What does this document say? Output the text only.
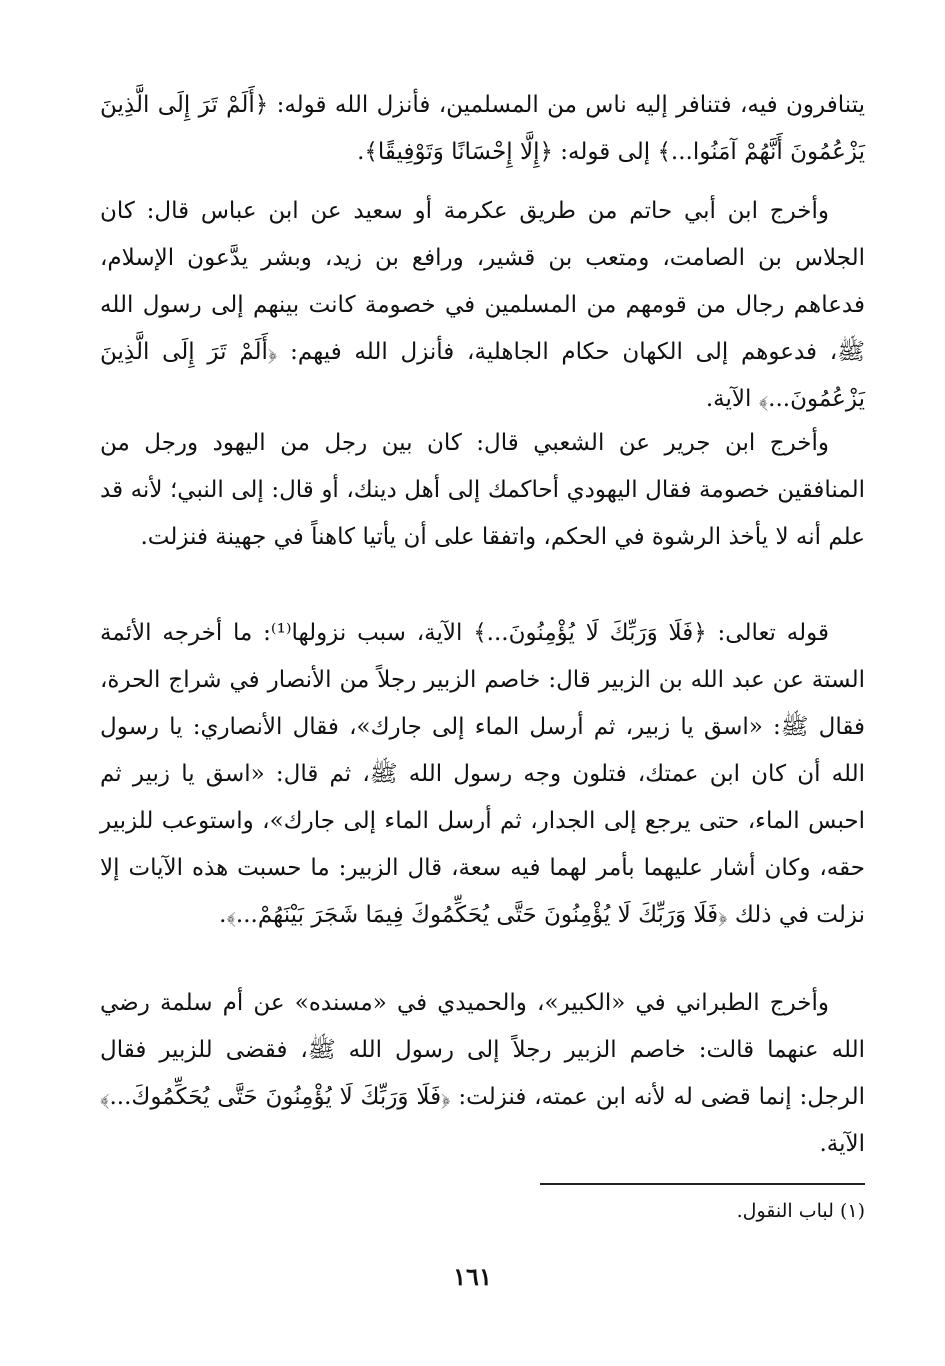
يتنافرون فيه، فتنافر إليه ناس من المسلمين، فأنزل الله قوله: ﴿أَلَمْ تَرَ إِلَى الَّذِينَ يَزْعُمُونَ أَنَّهُمْ آمَنُوا...﴾ إلى قوله: ﴿إِلَّا إِحْسَانًا وَتَوْفِيقًا﴾.

وأخرج ابن أبي حاتم من طريق عكرمة أو سعيد عن ابن عباس قال: كان الجلاس بن الصامت، ومتعب بن قشير، ورافع بن زيد، وبشر يدَّعون الإسلام، فدعاهم رجال من قومهم من المسلمين في خصومة كانت بينهم إلى رسول الله ﷺ، فدعوهم إلى الكهان حكام الجاهلية، فأنزل الله فيهم: ﴿أَلَمْ تَرَ إِلَى الَّذِينَ يَزْعُمُونَ...﴾ الآية.

وأخرج ابن جرير عن الشعبي قال: كان بين رجل من اليهود ورجل من المنافقين خصومة فقال اليهودي أحاكمك إلى أهل دينك، أو قال: إلى النبي؛ لأنه قد علم أنه لا يأخذ الرشوة في الحكم، واتفقا على أن يأتيا كاهناً في جهينة فنزلت.

قوله تعالى: ﴿فَلَا وَرَبِّكَ لَا يُؤْمِنُونَ...﴾ الآية، سبب نزولها⁽¹⁾: ما أخرجه الأئمة الستة عن عبد الله بن الزبير قال: خاصم الزبير رجلاً من الأنصار في شراج الحرة، فقال ﷺ: «اسق يا زبير، ثم أرسل الماء إلى جارك»، فقال الأنصاري: يا رسول الله أن كان ابن عمتك، فتلون وجه رسول الله ﷺ، ثم قال: «اسق يا زبير ثم احبس الماء، حتى يرجع إلى الجدار، ثم أرسل الماء إلى جارك»، واستوعب للزبير حقه، وكان أشار عليهما بأمر لهما فيه سعة، قال الزبير: ما حسبت هذه الآيات إلا نزلت في ذلك ﴿فَلَا وَرَبِّكَ لَا يُؤْمِنُونَ حَتَّى يُحَكِّمُوكَ فِيمَا شَجَرَ بَيْنَهُمْ...﴾.

وأخرج الطبراني في «الكبير»، والحميدي في «مسنده» عن أم سلمة رضي الله عنهما قالت: خاصم الزبير رجلاً إلى رسول الله ﷺ، فقضى للزبير فقال الرجل: إنما قضى له لأنه ابن عمته، فنزلت: ﴿فَلَا وَرَبِّكَ لَا يُؤْمِنُونَ حَتَّى يُحَكِّمُوكَ...﴾ الآية.

(١) لباب النقول.
١٦١
